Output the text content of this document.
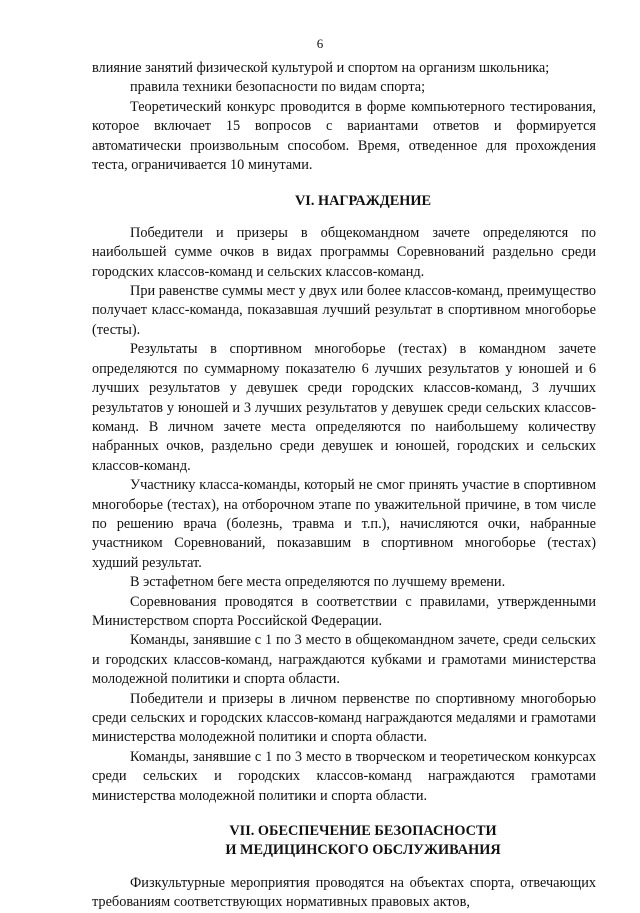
6

влияние занятий физической культурой и спортом на организм школьника;

правила техники безопасности по видам спорта;

Теоретический конкурс проводится в форме компьютерного тестирования, которое включает 15 вопросов с вариантами ответов и формируется автоматически произвольным способом. Время, отведенное для прохождения теста, ограничивается 10 минутами.

VI. НАГРАЖДЕНИЕ

Победители и призеры в общекомандном зачете определяются по наибольшей сумме очков в видах программы Соревнований раздельно среди городских классов-команд и сельских классов-команд.

При равенстве суммы мест у двух или более классов-команд, преимущество получает класс-команда, показавшая лучший результат в спортивном многоборье (тесты).

Результаты в спортивном многоборье (тестах) в командном зачете определяются по суммарному показателю 6 лучших результатов у юношей и 6 лучших результатов у девушек среди городских классов-команд, 3 лучших результатов у юношей и 3 лучших результатов у девушек среди сельских классов-команд. В личном зачете места определяются по наибольшему количеству набранных очков, раздельно среди девушек и юношей, городских и сельских классов-команд.

Участнику класса-команды, который не смог принять участие в спортивном многоборье (тестах), на отборочном этапе по уважительной причине, в том числе по решению врача (болезнь, травма и т.п.), начисляются очки, набранные участником Соревнований, показавшим в спортивном многоборье (тестах) худший результат.

В эстафетном беге места определяются по лучшему времени.

Соревнования проводятся в соответствии с правилами, утвержденными Министерством спорта Российской Федерации.

Команды, занявшие с 1 по 3 место в общекомандном зачете, среди сельских и городских классов-команд, награждаются кубками и грамотами министерства молодежной политики и спорта области.

Победители и призеры в личном первенстве по спортивному многоборью среди сельских и городских классов-команд награждаются медалями и грамотами министерства молодежной политики и спорта области.

Команды, занявшие с 1 по 3 место в творческом и теоретическом конкурсах среди сельских и городских классов-команд награждаются грамотами министерства молодежной политики и спорта области.

VII. ОБЕСПЕЧЕНИЕ БЕЗОПАСНОСТИ
И МЕДИЦИНСКОГО ОБСЛУЖИВАНИЯ

Физкультурные мероприятия проводятся на объектах спорта, отвечающих требованиям соответствующих нормативных правовых актов,
